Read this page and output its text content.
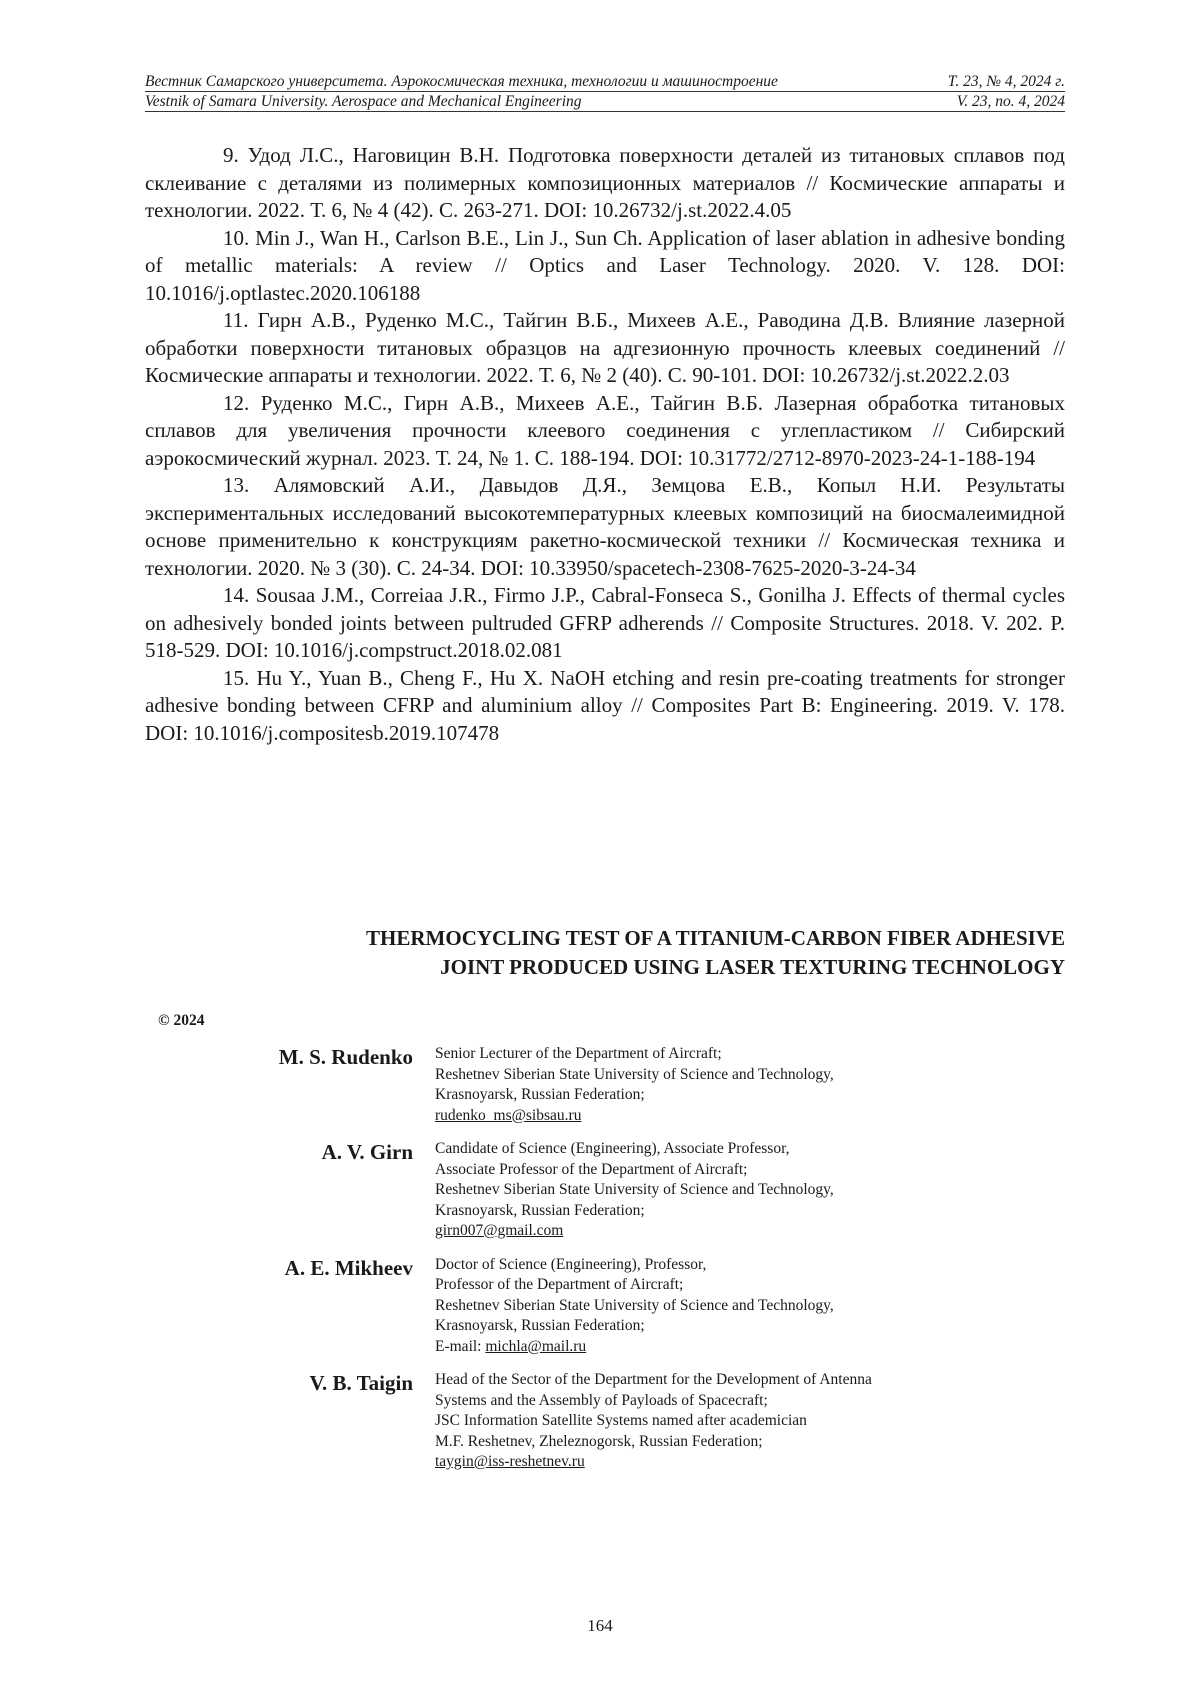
Вестник Самарского университета. Аэрокосмическая техника, технологии и машиностроение	Т. 23, № 4, 2024 г.
Vestnik of Samara University. Aerospace and Mechanical Engineering	V. 23, no. 4, 2024

9. Удод Л.С., Наговицин В.Н. Подготовка поверхности деталей из титановых сплавов под склеивание с деталями из полимерных композиционных материалов // Космические аппараты и технологии. 2022. Т. 6, № 4 (42). С. 263-271. DOI: 10.26732/j.st.2022.4.05

10. Min J., Wan H., Carlson B.E., Lin J., Sun Ch. Application of laser ablation in adhesive bonding of metallic materials: A review // Optics and Laser Technology. 2020. V. 128. DOI: 10.1016/j.optlastec.2020.106188

11. Гирн А.В., Руденко М.С., Тайгин В.Б., Михеев А.Е., Раводина Д.В. Влияние лазерной обработки поверхности титановых образцов на адгезионную прочность клеевых соединений // Космические аппараты и технологии. 2022. Т. 6, № 2 (40). С. 90-101. DOI: 10.26732/j.st.2022.2.03

12. Руденко М.С., Гирн А.В., Михеев А.Е., Тайгин В.Б. Лазерная обработка титановых сплавов для увеличения прочности клеевого соединения с углепластиком // Сибирский аэрокосмический журнал. 2023. Т. 24, № 1. С. 188-194. DOI: 10.31772/2712-8970-2023-24-1-188-194

13. Алямовский А.И., Давыдов Д.Я., Земцова Е.В., Копыл Н.И. Результаты экспериментальных исследований высокотемпературных клеевых композиций на биосмалеимидной основе применительно к конструкциям ракетно-космической техники // Космическая техника и технологии. 2020. № 3 (30). С. 24-34. DOI: 10.33950/spacetech-2308-7625-2020-3-24-34

14. Sousaa J.M., Correiaa J.R., Firmo J.P., Cabral-Fonseca S., Gonilha J. Effects of thermal cycles on adhesively bonded joints between pultruded GFRP adherends // Composite Structures. 2018. V. 202. P. 518-529. DOI: 10.1016/j.compstruct.2018.02.081

15. Hu Y., Yuan B., Cheng F., Hu X. NaOH etching and resin pre-coating treatments for stronger adhesive bonding between CFRP and aluminium alloy // Composites Part B: Engineering. 2019. V. 178. DOI: 10.1016/j.compositesb.2019.107478

THERMOCYCLING TEST OF A TITANIUM-CARBON FIBER ADHESIVE
JOINT PRODUCED USING LASER TEXTURING TECHNOLOGY
© 2024
M. S. Rudenko	Senior Lecturer of the Department of Aircraft;
Reshetnev Siberian State University of Science and Technology,
Krasnoyarsk, Russian Federation;
rudenko_ms@sibsau.ru
A. V. Girn	Candidate of Science (Engineering), Associate Professor,
Associate Professor of the Department of Aircraft;
Reshetnev Siberian State University of Science and Technology,
Krasnoyarsk, Russian Federation;
girn007@gmail.com
A. E. Mikheev	Doctor of Science (Engineering), Professor,
Professor of the Department of Aircraft;
Reshetnev Siberian State University of Science and Technology,
Krasnoyarsk, Russian Federation;
E-mail: michla@mail.ru
V. B. Taigin	Head of the Sector of the Department for the Development of Antenna
Systems and the Assembly of Payloads of Spacecraft;
JSC Information Satellite Systems named after academician
M.F. Reshetnev, Zheleznogorsk, Russian Federation;
taygin@iss-reshetnev.ru
164
